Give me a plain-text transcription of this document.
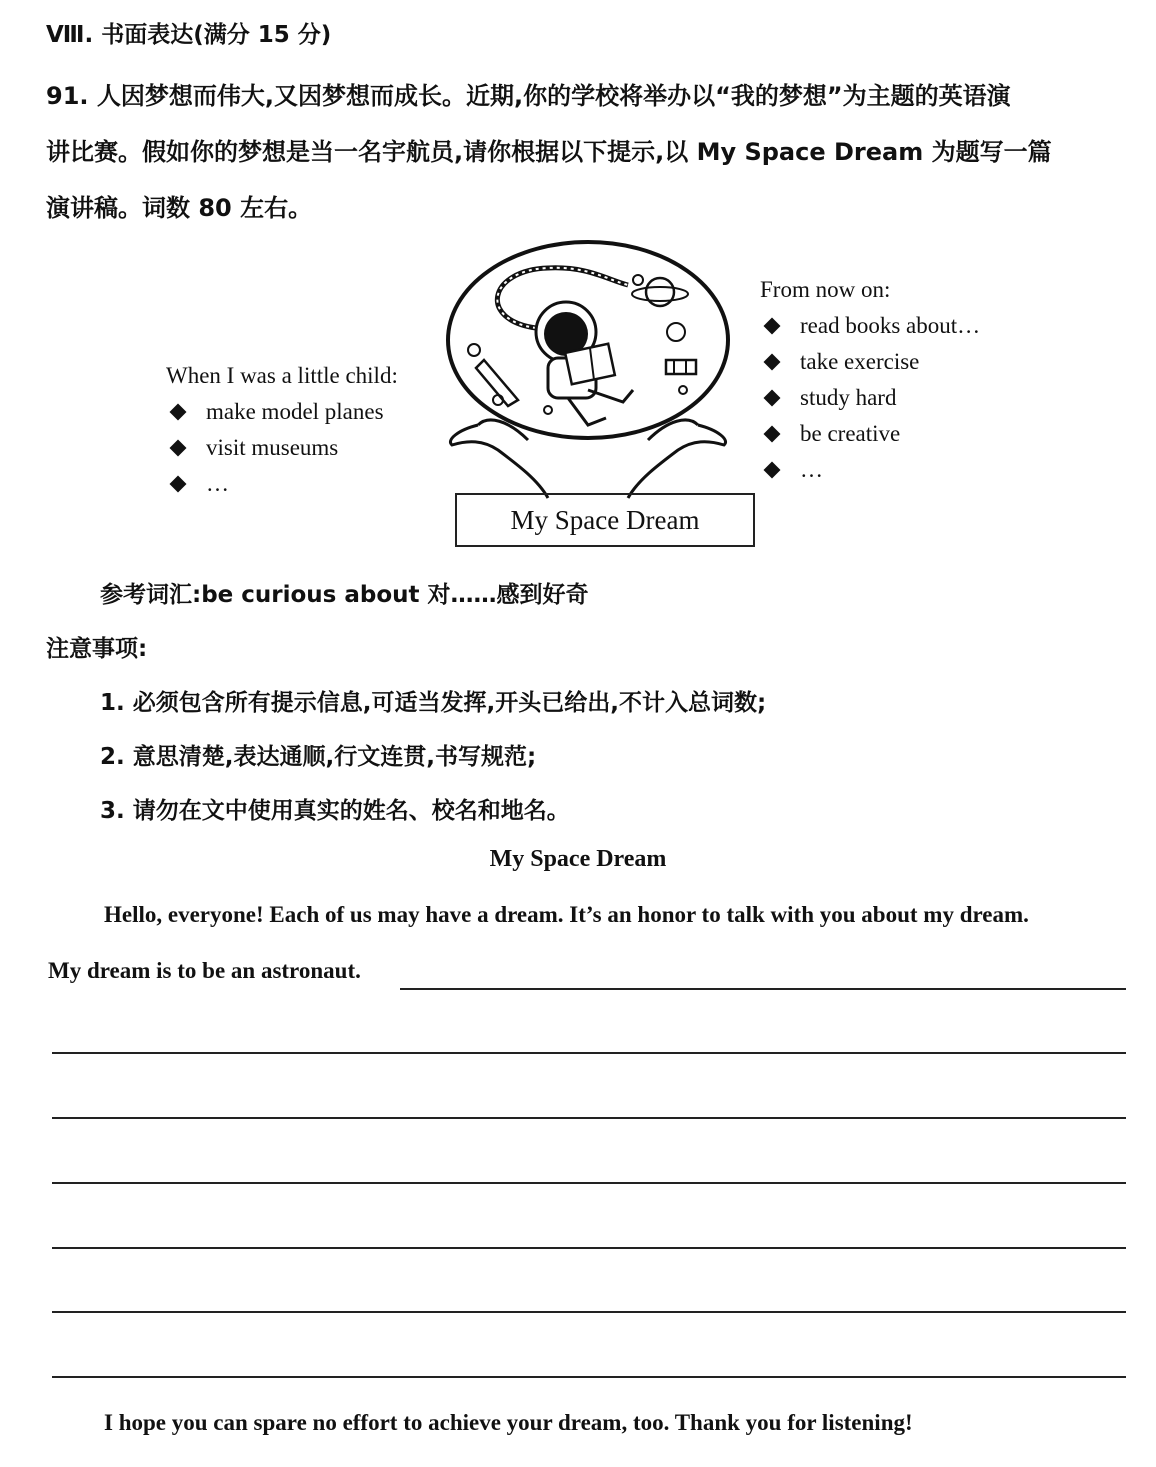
Ⅷ. 书面表达(满分 15 分)
91. 人因梦想而伟大,又因梦想而成长。近期,你的学校将举办以“我的梦想”为主题的英语演
讲比赛。假如你的梦想是当一名宇航员,请你根据以下提示,以 My Space Dream 为题写一篇
演讲稿。词数 80 左右。
When I was a little child:
make model planes
visit museums
…
My Space Dream
From now on:
read books about…
take exercise
study hard
be creative
…
参考词汇:be curious about 对……感到好奇
注意事项:
1. 必须包含所有提示信息,可适当发挥,开头已给出,不计入总词数;
2. 意思清楚,表达通顺,行文连贯,书写规范;
3. 请勿在文中使用真实的姓名、校名和地名。
My Space Dream
Hello, everyone! Each of us may have a dream. It’s an honor to talk with you about my dream.
My dream is to be an astronaut.
I hope you can spare no effort to achieve your dream, too. Thank you for listening!
